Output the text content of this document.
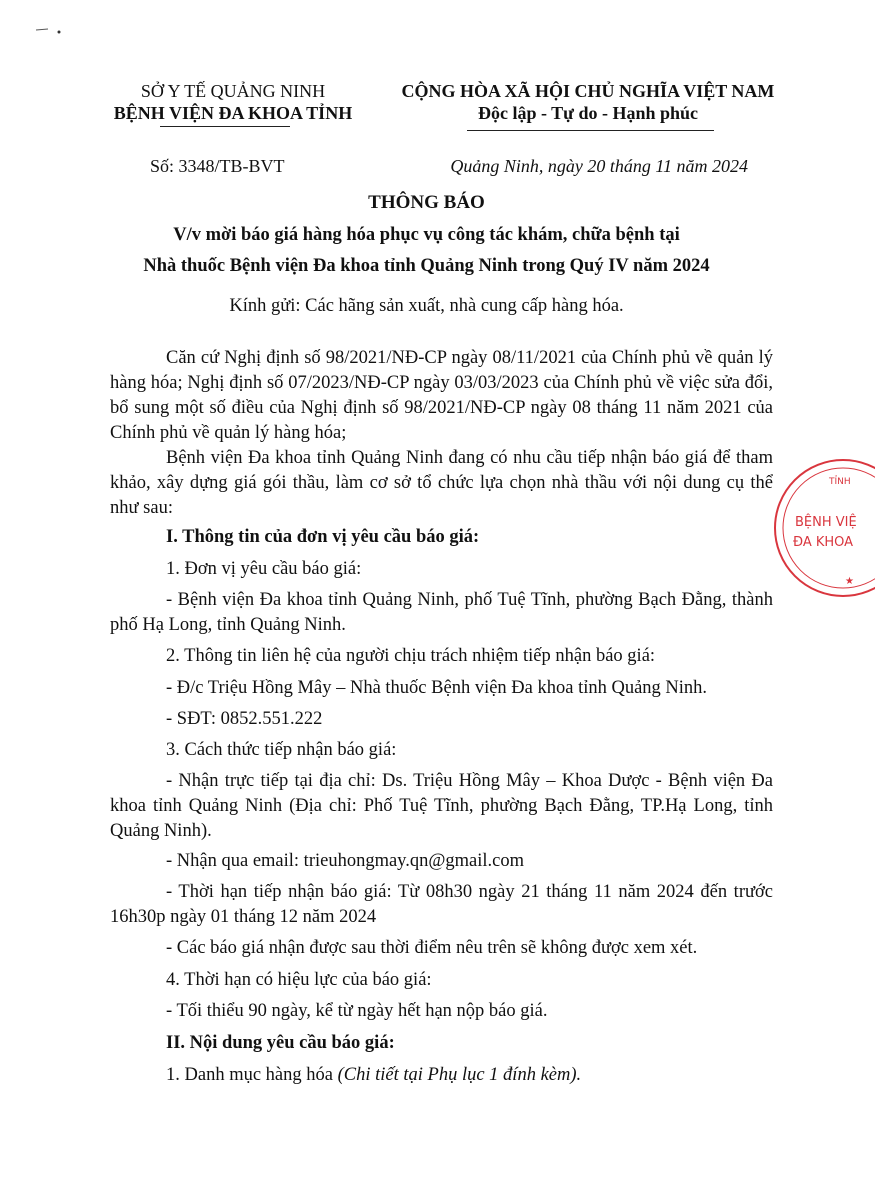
SỞ Y TẾ QUẢNG NINH
BỆNH VIỆN ĐA KHOA TỈNH
CỘNG HÒA XÃ HỘI CHỦ NGHĨA VIỆT NAM
Độc lập - Tự do - Hạnh phúc
Số: 3348/TB-BVT	Quảng Ninh, ngày 20 tháng 11 năm 2024
THÔNG BÁO
V/v mời báo giá hàng hóa phục vụ công tác khám, chữa bệnh tại
Nhà thuốc Bệnh viện Đa khoa tỉnh Quảng Ninh trong Quý IV năm 2024
Kính gửi: Các hãng sản xuất, nhà cung cấp hàng hóa.
Căn cứ Nghị định số 98/2021/NĐ-CP ngày 08/11/2021 của Chính phủ về quản lý hàng hóa; Nghị định số 07/2023/NĐ-CP ngày 03/03/2023 của Chính phủ về việc sửa đổi, bổ sung một số điều của Nghị định số 98/2021/NĐ-CP ngày 08 tháng 11 năm 2021 của Chính phủ về quản lý hàng hóa;
Bệnh viện Đa khoa tỉnh Quảng Ninh đang có nhu cầu tiếp nhận báo giá để tham khảo, xây dựng giá gói thầu, làm cơ sở tổ chức lựa chọn nhà thầu với nội dung cụ thể như sau:
I. Thông tin của đơn vị yêu cầu báo giá:
1. Đơn vị yêu cầu báo giá:
- Bệnh viện Đa khoa tỉnh Quảng Ninh, phố Tuệ Tĩnh, phường Bạch Đằng, thành phố Hạ Long, tỉnh Quảng Ninh.
2. Thông tin liên hệ của người chịu trách nhiệm tiếp nhận báo giá:
- Đ/c Triệu Hồng Mây – Nhà thuốc Bệnh viện Đa khoa tỉnh Quảng Ninh.
- SĐT: 0852.551.222
3. Cách thức tiếp nhận báo giá:
- Nhận trực tiếp tại địa chỉ: Ds. Triệu Hồng Mây – Khoa Dược - Bệnh viện Đa khoa tỉnh Quảng Ninh (Địa chỉ: Phố Tuệ Tĩnh, phường Bạch Đằng, TP.Hạ Long, tỉnh Quảng Ninh).
- Nhận qua email: trieuhongmay.qn@gmail.com
- Thời hạn tiếp nhận báo giá: Từ 08h30 ngày 21 tháng 11 năm 2024 đến trước 16h30p ngày 01 tháng 12 năm 2024
- Các báo giá nhận được sau thời điểm nêu trên sẽ không được xem xét.
4. Thời hạn có hiệu lực của báo giá:
- Tối thiểu 90 ngày, kể từ ngày hết hạn nộp báo giá.
II. Nội dung yêu cầu báo giá:
1. Danh mục hàng hóa (Chi tiết tại Phụ lục 1 đính kèm).
TỈNH
BỆNH VIỆ
ĐA KHOA
★
